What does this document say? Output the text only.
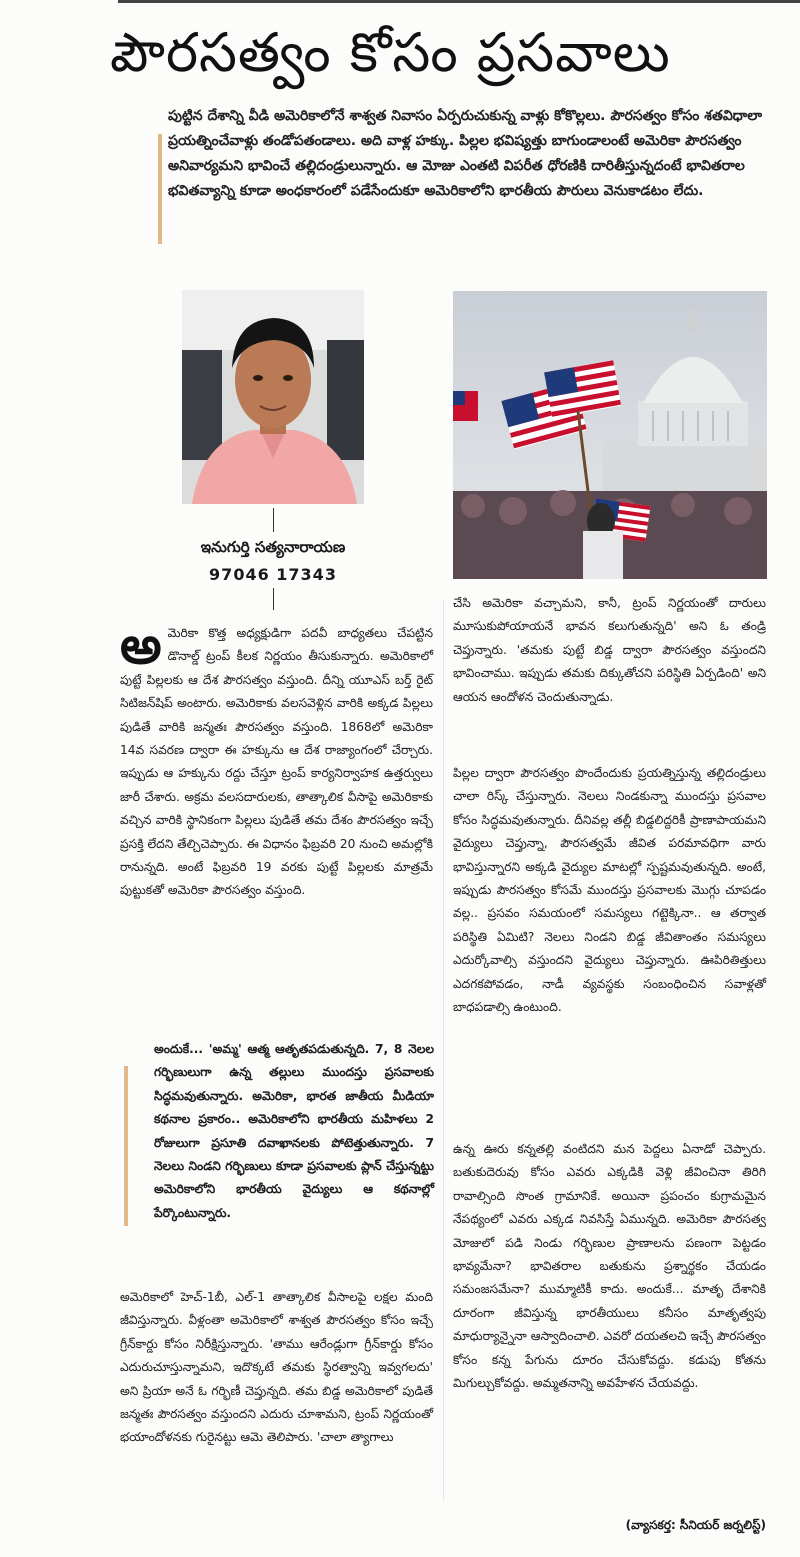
పౌరసత్వం కోసం ప్రసవాలు
పుట్టిన దేశాన్ని వీడి అమెరికాలోనే శాశ్వత నివాసం ఏర్పరుచుకున్న వాళ్లు కోకొల్లలు. పౌరసత్వం కోసం శతవిధాలా ప్రయత్నించేవాళ్లు తండోపతండాలు. అది వాళ్ల హక్కు. పిల్లల భవిష్యత్తు బాగుండాలంటే అమెరికా పౌరసత్వం అనివార్యమని భావించే తల్లిదండ్రులున్నారు. ఆ మోజు ఎంతటి విపరీత ధోరణికి దారితీస్తున్నదంటే భావితరాల భవితవ్యాన్ని కూడా అంధకారంలో పడేసేందుకూ అమెరికాలోని భారతీయ పౌరులు వెనుకాడటం లేదు.
ఇనుగుర్తి సత్యనారాయణ
97046 17343
అ మెరికా కొత్త అధ్యక్షుడిగా పదవీ బాధ్యతలు చేపట్టిన డొనాల్డ్ ట్రంప్ కీలక నిర్ణయం తీసుకున్నారు. అమెరికాలో పుట్టే పిల్లలకు ఆ దేశ పౌరసత్వం వస్తుంది. దీన్ని యూఎస్ బర్త్ రైట్ సిటిజన్‌షిప్ అంటారు. అమెరికాకు వలసవెళ్లిన వారికి అక్కడ పిల్లలు పుడితే వారికి జన్మతః పౌరసత్వం వస్తుంది. 1868లో అమెరికా 14వ సవరణ ద్వారా ఈ హక్కును ఆ దేశ రాజ్యాంగంలో చేర్చారు. ఇప్పుడు ఆ హక్కును రద్దు చేస్తూ ట్రంప్ కార్యనిర్వాహక ఉత్తర్వులు జారీ చేశారు. అక్రమ వలసదారులకు, తాత్కాలిక వీసాపై అమెరికాకు వచ్చిన వారికి స్థానికంగా పిల్లలు పుడితే తమ దేశం పౌరసత్వం ఇచ్చే ప్రసక్తి లేదని తేల్చిచెప్పారు. ఈ విధానం ఫిబ్రవరి 20 నుంచి అమల్లోకి రానున్నది. అంటే ఫిబ్రవరి 19 వరకు పుట్టే పిల్లలకు మాత్రమే పుట్టుకతో అమెరికా పౌరసత్వం వస్తుంది.
అందుకే... 'అమ్మ' ఆత్మ ఆతృతపడుతున్నది. 7, 8 నెలల గర్భిణులుగా ఉన్న తల్లులు ముందస్తు ప్రసవాలకు సిద్ధమవుతున్నారు. అమెరికా, భారత జాతీయ మీడియా కథనాల ప్రకారం.. అమెరికాలోని భారతీయ మహిళలు 2 రోజులుగా ప్రసూతి దవాఖానలకు పోటెత్తుతున్నారు. 7 నెలలు నిండని గర్భిణులు కూడా ప్రసవాలకు ప్లాన్ చేస్తున్నట్టు అమెరికాలోని భారతీయ వైద్యులు ఆ కథనాల్లో పేర్కొంటున్నారు.
అమెరికాలో హెచ్-1బీ, ఎల్-1 తాత్కాలిక వీసాలపై లక్షల మంది జీవిస్తున్నారు. వీళ్లంతా అమెరికాలో శాశ్వత పౌరసత్వం కోసం ఇచ్చే గ్రీన్‌కార్డు కోసం నిరీక్షిస్తున్నారు. 'తాము ఆరేండ్లుగా గ్రీన్‌కార్డు కోసం ఎదురుచూస్తున్నామని, ఇదొక్కటే తమకు స్థిరత్వాన్ని ఇవ్వగలదు' అని ప్రియా అనే ఓ గర్భిణీ చెప్తున్నది. తమ బిడ్డ అమెరికాలో పుడితే జన్మతః పౌరసత్వం వస్తుందని ఎదురు చూశామని, ట్రంప్ నిర్ణయంతో భయాందోళనకు గురైనట్టు ఆమె తెలిపారు. 'చాలా త్యాగాలు
చేసి అమెరికా వచ్చామని, కానీ, ట్రంప్ నిర్ణయంతో దారులు మూసుకుపోయాయనే భావన కలుగుతున్నది' అని ఓ తండ్రి చెప్తున్నారు. 'తమకు పుట్టే బిడ్డ ద్వారా పౌరసత్వం వస్తుందని భావించాము. ఇప్పుడు తమకు దిక్కుతోచని పరిస్థితి ఏర్పడింది' అని ఆయన ఆందోళన చెందుతున్నాడు.
పిల్లల ద్వారా పౌరసత్వం పొందేందుకు ప్రయత్నిస్తున్న తల్లిదండ్రులు చాలా రిస్క్ చేస్తున్నారు. నెలలు నిండకున్నా ముందస్తు ప్రసవాల కోసం సిద్ధమవుతున్నారు. దీనివల్ల తల్లీ బిడ్డలిద్దరికీ ప్రాణాపాయమని వైద్యులు చెప్తున్నా, పౌరసత్వమే జీవిత పరమావధిగా వారు భావిస్తున్నారని అక్కడి వైద్యుల మాటల్లో స్పష్టమవుతున్నది. అంటే, ఇప్పుడు పౌరసత్వం కోసమే ముందస్తు ప్రసవాలకు మొగ్గు చూపడం వల్ల.. ప్రసవం సమయంలో సమస్యలు గట్టెక్కినా.. ఆ తర్వాత పరిస్థితి ఏమిటి? నెలలు నిండని బిడ్డ జీవితాంతం సమస్యలు ఎదుర్కోవాల్సి వస్తుందని వైద్యులు చెప్తున్నారు. ఊపిరితిత్తులు ఎదగకపోవడం, నాడీ వ్యవస్థకు సంబంధించిన సవాళ్లతో బాధపడాల్సి ఉంటుంది.
ఉన్న ఊరు కన్నతల్లి వంటిదని మన పెద్దలు ఏనాడో చెప్పారు. బతుకుదెరువు కోసం ఎవరు ఎక్కడికి వెళ్లి జీవించినా తిరిగి రావాల్సింది సొంత గ్రామానికే. అయినా ప్రపంచం కుగ్రామమైన నేపథ్యంలో ఎవరు ఎక్కడ నివసిస్తే ఏమున్నది. అమెరికా పౌరసత్వ మోజులో పడి నిండు గర్భిణుల ప్రాణాలను పణంగా పెట్టడం భావ్యమేనా? భావితరాల బతుకును ప్రశ్నార్థకం చేయడం సమంజసమేనా? ముమ్మాటికీ కాదు. అందుకే... మాతృ దేశానికి దూరంగా జీవిస్తున్న భారతీయులు కనీసం మాతృత్వపు మాధుర్యాన్నైనా ఆస్వాదించాలి. ఎవరో దయతలచి ఇచ్చే పౌరసత్వం కోసం కన్న పేగును దూరం చేసుకోవద్దు. కడుపు కోతను మిగుల్చుకోవద్దు. అమ్మతనాన్ని అవహేళన చేయవద్దు.
(వ్యాసకర్త: సీనియర్ జర్నలిస్ట్)
